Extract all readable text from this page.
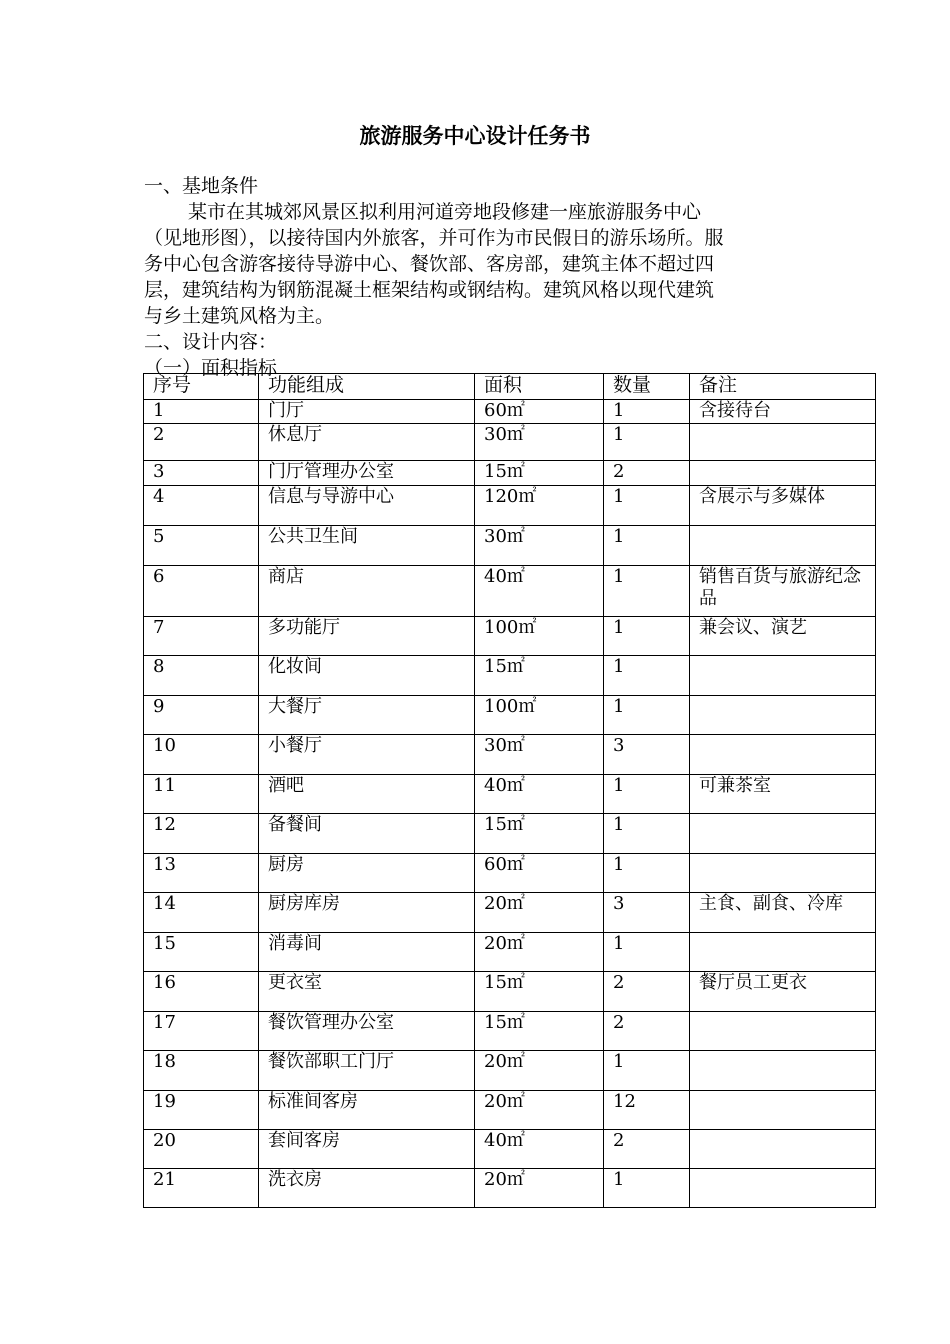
旅游服务中心设计任务书
一、基地条件
某市在其城郊风景区拟利用河道旁地段修建一座旅游服务中心
（见地形图），以接待国内外旅客，并可作为市民假日的游乐场所。服
务中心包含游客接待导游中心、餐饮部、客房部，建筑主体不超过四
层，建筑结构为钢筋混凝土框架结构或钢结构。建筑风格以现代建筑
与乡土建筑风格为主。
二、设计内容：
（一）面积指标
序号	功能组成	面积	数量	备注
1	门厅	60㎡	1	含接待台
2	休息厅	30㎡	1	
3	门厅管理办公室	15㎡	2	
4	信息与导游中心	120㎡	1	含展示与多媒体
5	公共卫生间	30㎡	1	
6	商店	40㎡	1	销售百货与旅游纪念品
7	多功能厅	100㎡	1	兼会议、演艺
8	化妆间	15㎡	1	
9	大餐厅	100㎡	1	
10	小餐厅	30㎡	3	
11	酒吧	40㎡	1	可兼茶室
12	备餐间	15㎡	1	
13	厨房	60㎡	1	
14	厨房库房	20㎡	3	主食、副食、冷库
15	消毒间	20㎡	1	
16	更衣室	15㎡	2	餐厅员工更衣
17	餐饮管理办公室	15㎡	2	
18	餐饮部职工门厅	20㎡	1	
19	标准间客房	20㎡	12	
20	套间客房	40㎡	2	
21	洗衣房	20㎡	1	
